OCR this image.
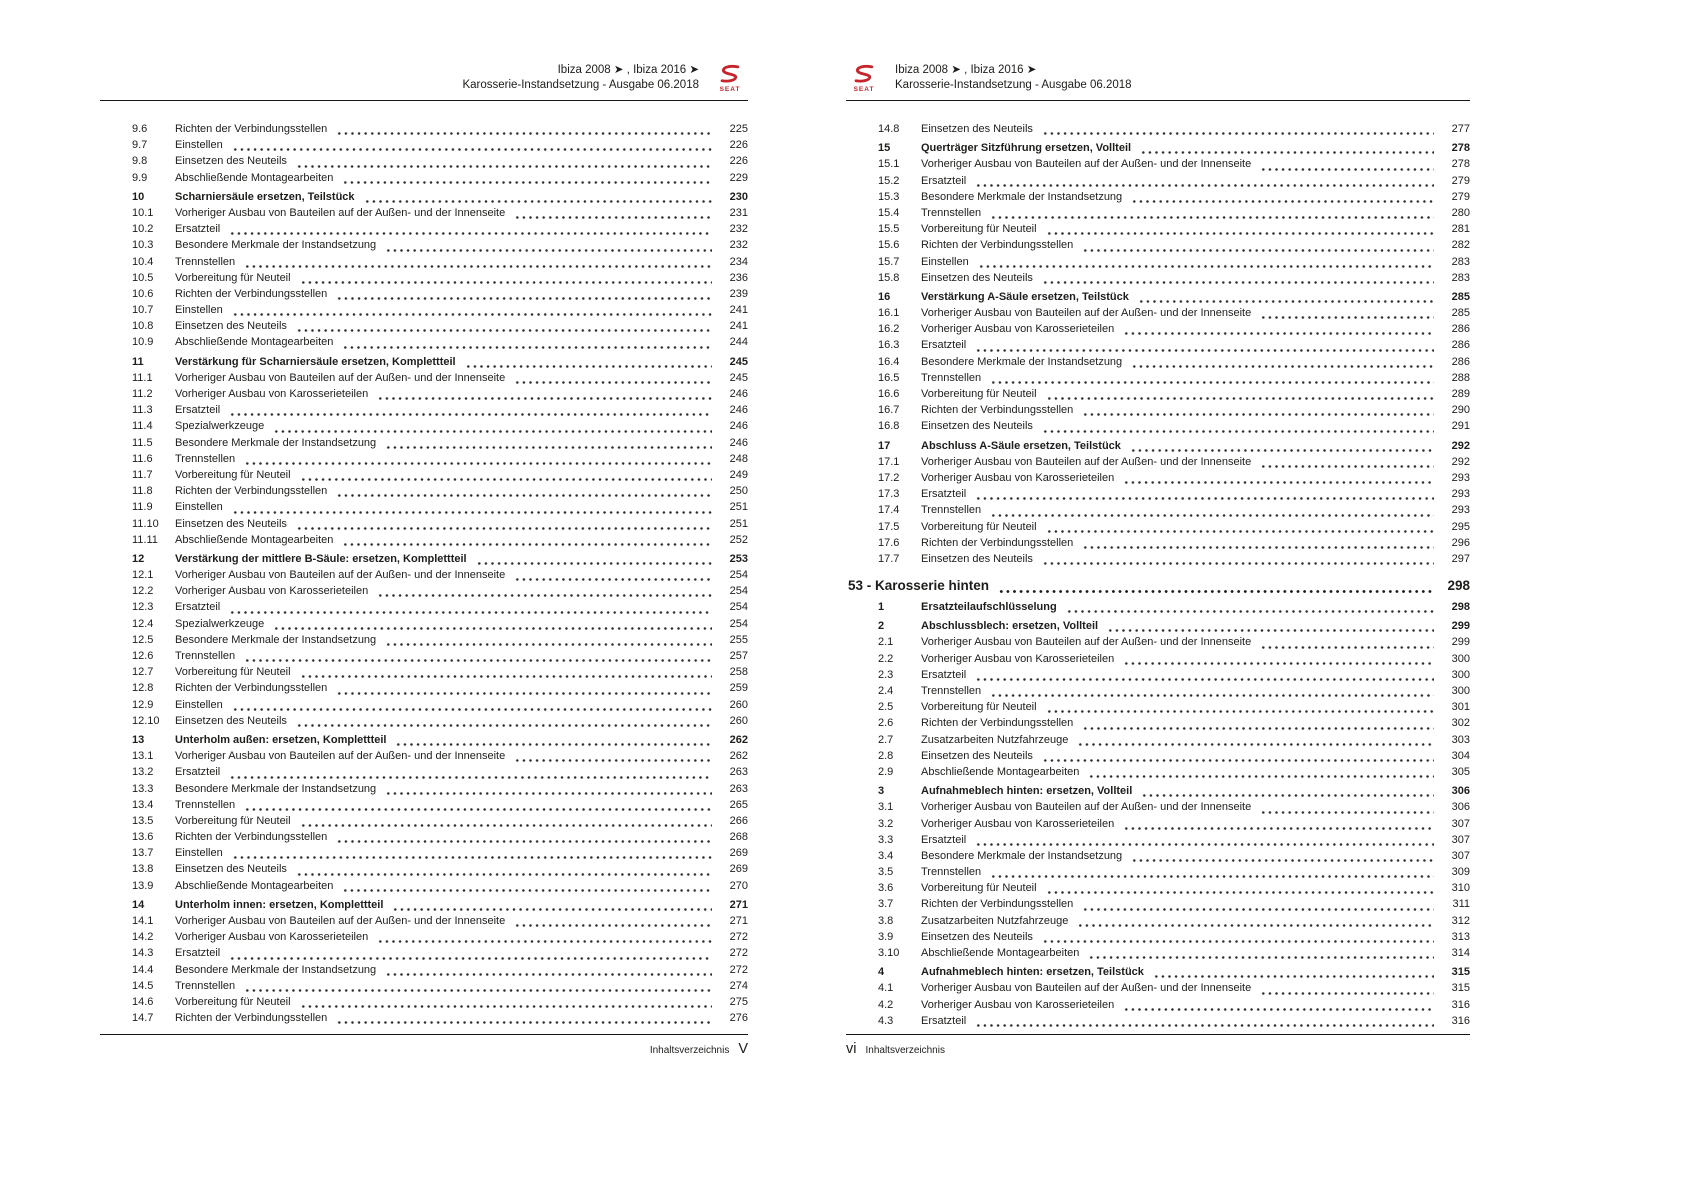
Ibiza 2008 ➤ , Ibiza 2016 ➤
Karosserie-Instandsetzung - Ausgabe 06.2018	SEAT
9.6	Richten der Verbindungsstellen	225
9.7	Einstellen	226
9.8	Einsetzen des Neuteils	226
9.9	Abschließende Montagearbeiten	229
10	Scharniersäule ersetzen, Teilstück	230
10.1	Vorheriger Ausbau von Bauteilen auf der Außen- und der Innenseite	231
10.2	Ersatzteil	232
10.3	Besondere Merkmale der Instandsetzung	232
10.4	Trennstellen	234
10.5	Vorbereitung für Neuteil	236
10.6	Richten der Verbindungsstellen	239
10.7	Einstellen	241
10.8	Einsetzen des Neuteils	241
10.9	Abschließende Montagearbeiten	244
11	Verstärkung für Scharniersäule ersetzen, Komplettteil	245
11.1	Vorheriger Ausbau von Bauteilen auf der Außen- und der Innenseite	245
11.2	Vorheriger Ausbau von Karosserieteilen	246
11.3	Ersatzteil	246
11.4	Spezialwerkzeuge	246
11.5	Besondere Merkmale der Instandsetzung	246
11.6	Trennstellen	248
11.7	Vorbereitung für Neuteil	249
11.8	Richten der Verbindungsstellen	250
11.9	Einstellen	251
11.10	Einsetzen des Neuteils	251
11.11	Abschließende Montagearbeiten	252
12	Verstärkung der mittlere B-Säule: ersetzen, Komplettteil	253
12.1	Vorheriger Ausbau von Bauteilen auf der Außen- und der Innenseite	254
12.2	Vorheriger Ausbau von Karosserieteilen	254
12.3	Ersatzteil	254
12.4	Spezialwerkzeuge	254
12.5	Besondere Merkmale der Instandsetzung	255
12.6	Trennstellen	257
12.7	Vorbereitung für Neuteil	258
12.8	Richten der Verbindungsstellen	259
12.9	Einstellen	260
12.10	Einsetzen des Neuteils	260
13	Unterholm außen: ersetzen, Komplettteil	262
13.1	Vorheriger Ausbau von Bauteilen auf der Außen- und der Innenseite	262
13.2	Ersatzteil	263
13.3	Besondere Merkmale der Instandsetzung	263
13.4	Trennstellen	265
13.5	Vorbereitung für Neuteil	266
13.6	Richten der Verbindungsstellen	268
13.7	Einstellen	269
13.8	Einsetzen des Neuteils	269
13.9	Abschließende Montagearbeiten	270
14	Unterholm innen: ersetzen, Komplettteil	271
14.1	Vorheriger Ausbau von Bauteilen auf der Außen- und der Innenseite	271
14.2	Vorheriger Ausbau von Karosserieteilen	272
14.3	Ersatzteil	272
14.4	Besondere Merkmale der Instandsetzung	272
14.5	Trennstellen	274
14.6	Vorbereitung für Neuteil	275
14.7	Richten der Verbindungsstellen	276
Inhaltsverzeichnis V
SEAT
Ibiza 2008 ➤ , Ibiza 2016 ➤
Karosserie-Instandsetzung - Ausgabe 06.2018
14.8	Einsetzen des Neuteils	277
15	Querträger Sitzführung ersetzen, Vollteil	278
15.1	Vorheriger Ausbau von Bauteilen auf der Außen- und der Innenseite	278
15.2	Ersatzteil	279
15.3	Besondere Merkmale der Instandsetzung	279
15.4	Trennstellen	280
15.5	Vorbereitung für Neuteil	281
15.6	Richten der Verbindungsstellen	282
15.7	Einstellen	283
15.8	Einsetzen des Neuteils	283
16	Verstärkung A-Säule ersetzen, Teilstück	285
16.1	Vorheriger Ausbau von Bauteilen auf der Außen- und der Innenseite	285
16.2	Vorheriger Ausbau von Karosserieteilen	286
16.3	Ersatzteil	286
16.4	Besondere Merkmale der Instandsetzung	286
16.5	Trennstellen	288
16.6	Vorbereitung für Neuteil	289
16.7	Richten der Verbindungsstellen	290
16.8	Einsetzen des Neuteils	291
17	Abschluss A-Säule ersetzen, Teilstück	292
17.1	Vorheriger Ausbau von Bauteilen auf der Außen- und der Innenseite	292
17.2	Vorheriger Ausbau von Karosserieteilen	293
17.3	Ersatzteil	293
17.4	Trennstellen	293
17.5	Vorbereitung für Neuteil	295
17.6	Richten der Verbindungsstellen	296
17.7	Einsetzen des Neuteils	297
53 - Karosserie hinten	298
1	Ersatzteilaufschlüsselung	298
2	Abschlussblech: ersetzen, Vollteil	299
2.1	Vorheriger Ausbau von Bauteilen auf der Außen- und der Innenseite	299
2.2	Vorheriger Ausbau von Karosserieteilen	300
2.3	Ersatzteil	300
2.4	Trennstellen	300
2.5	Vorbereitung für Neuteil	301
2.6	Richten der Verbindungsstellen	302
2.7	Zusatzarbeiten Nutzfahrzeuge	303
2.8	Einsetzen des Neuteils	304
2.9	Abschließende Montagearbeiten	305
3	Aufnahmeblech hinten: ersetzen, Vollteil	306
3.1	Vorheriger Ausbau von Bauteilen auf der Außen- und der Innenseite	306
3.2	Vorheriger Ausbau von Karosserieteilen	307
3.3	Ersatzteil	307
3.4	Besondere Merkmale der Instandsetzung	307
3.5	Trennstellen	309
3.6	Vorbereitung für Neuteil	310
3.7	Richten der Verbindungsstellen	311
3.8	Zusatzarbeiten Nutzfahrzeuge	312
3.9	Einsetzen des Neuteils	313
3.10	Abschließende Montagearbeiten	314
4	Aufnahmeblech hinten: ersetzen, Teilstück	315
4.1	Vorheriger Ausbau von Bauteilen auf der Außen- und der Innenseite	315
4.2	Vorheriger Ausbau von Karosserieteilen	316
4.3	Ersatzteil	316
vi Inhaltsverzeichnis
